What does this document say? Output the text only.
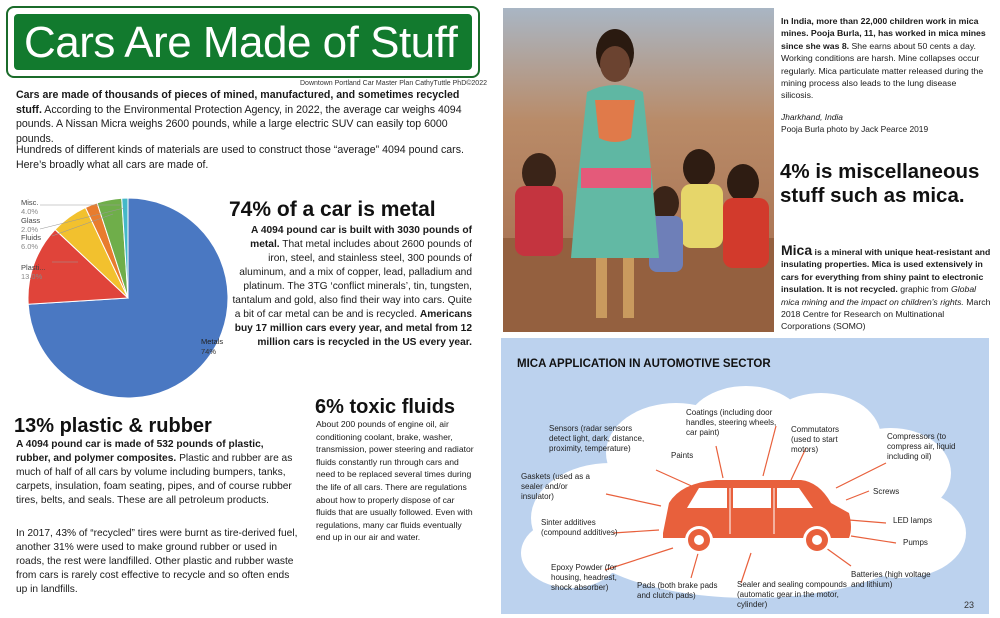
Cars Are Made of Stuff
Downtown Portland Car Master Plan CathyTuttle PhD©2022
Cars are made of thousands of pieces of mined, manufactured, and sometimes recycled stuff. According to the Environmental Protection Agency, in 2022, the average car weighs 4094 pounds. A Nissan Micra weighs 2600 pounds, while a large electric SUV can easily top 6000 pounds.
Hundreds of different kinds of materials are used to construct those “average” 4094 pound cars. Here’s broadly what all cars are made of.
Misc.
4.0%
Glass
2.0%
Fluids
6.0%
Plasti...
13.0%
Metals
74%
74% of a car is metal
A 4094 pound car is built with 3030 pounds of metal. That metal includes about 2600 pounds of iron, steel, and stainless steel, 300 pounds of aluminum, and a mix of copper, lead, palladium and platinum. The 3TG ‘conflict minerals’, tin, tungsten, tantalum and gold, also find their way into cars. Quite a bit of car metal can be and is recycled. Americans buy 17 million cars every year, and metal from 12 million cars is recycled in the US every year.
13% plastic & rubber
A 4094 pound car is made of 532 pounds of plastic, rubber, and polymer composites. Plastic and rubber are as much of half of all cars by volume including bumpers, tanks, carpets, insulation, foam seating, pipes, and of course rubber tires, belts, and seals. These are all petroleum products.
In 2017, 43% of “recycled” tires were burnt as tire-derived fuel, another 31% were used to make ground rubber or used in roads, the rest were landfilled. Other plastic and rubber waste from cars is rarely cost effective to recycle and so often ends up in landfills.
6% toxic fluids
About 200 pounds of engine oil, air conditioning coolant, brake, washer, transmission, power steering and radiator fluids constantly run through cars and need to be replaced several times during the life of all cars. There are regulations about how to properly dispose of car fluids that are usually followed. Even with regulations, many car fluids eventually end up in our air and water.
In India, more than 22,000 children work in mica mines. Pooja Burla, 11, has worked in mica mines since she was 8. She earns about 50 cents a day. Working conditions are harsh. Mine collapses occur regularly. Mica particulate matter released during the mining process also leads to the lung disease silicosis.
Jharkhand, India
Pooja Burla photo by Jack Pearce 2019
4% is miscellaneous stuff such as mica.
Mica is a mineral with unique heat-resistant and insulating properties. Mica is used extensively in cars for everything from shiny paint to electronic insulation. It is not recycled. graphic from Global mica mining and the impact on children’s rights. March 2018 Centre for Research on Multinational Corporations (SOMO)
MICA APPLICATION IN AUTOMOTIVE SECTOR
Sensors (radar sensors detect light, dark, distance, proximity, temperature)
Coatings (including door handles, steering wheels, car paint)	Commutators (used to start motors)
Compressors (to compress air, liquid including oil)
Paints
Gaskets (used as a sealer and/or insulator)
Screws
Sinter additives (compound additives)
LED lamps
Pumps
Epoxy Powder (for housing, headrest, shock absorber)	Pads (both brake pads and clutch pads)
Sealer and sealing compounds (automatic gear in the motor, cylinder)
Batteries (high voltage and lithium)
23
